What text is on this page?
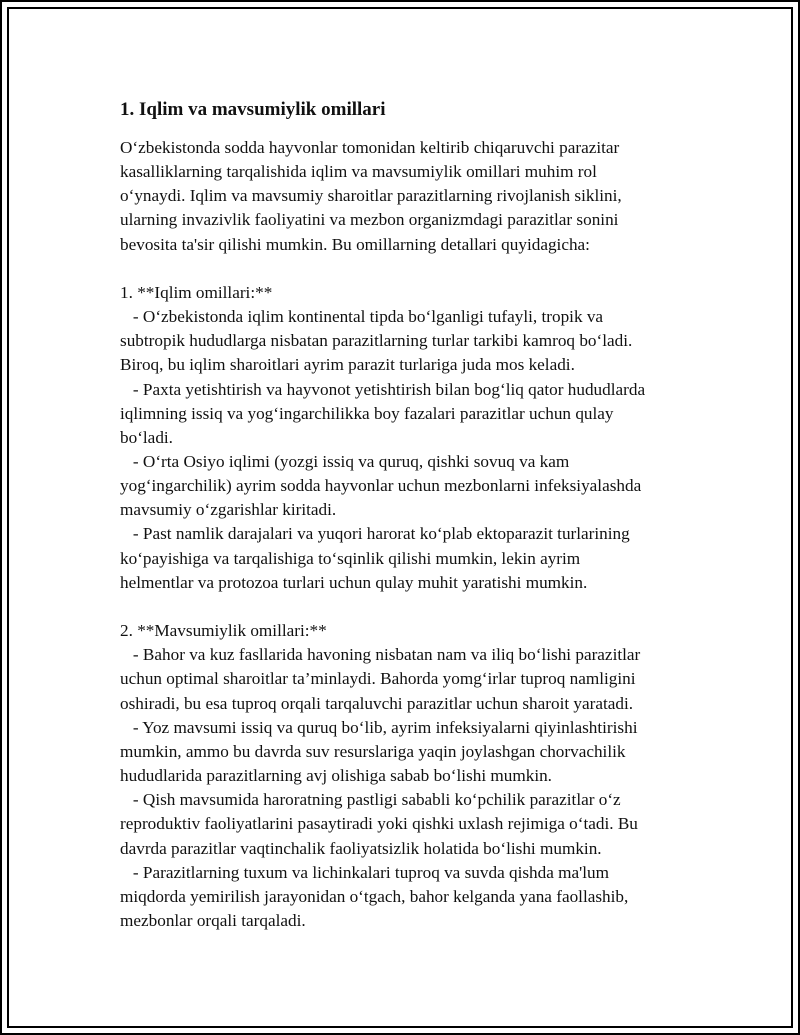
1. Iqlim va mavsumiylik omillari

O‘zbekistonda sodda hayvonlar tomonidan keltirib chiqaruvchi parazitar

kasalliklarning tarqalishida iqlim va mavsumiylik omillari muhim rol

o‘ynaydi. Iqlim va mavsumiy sharoitlar parazitlarning rivojlanish siklini,

ularning invazivlik faoliyatini va mezbon organizmdagi parazitlar sonini

bevosita ta'sir qilishi mumkin. Bu omillarning detallari quyidagicha:

1. **Iqlim omillari:**

- O‘zbekistonda iqlim kontinental tipda bo‘lganligi tufayli, tropik va

subtropik hududlarga nisbatan parazitlarning turlar tarkibi kamroq bo‘ladi.

Biroq, bu iqlim sharoitlari ayrim parazit turlariga juda mos keladi.

- Paxta yetishtirish va hayvonot yetishtirish bilan bog‘liq qator hududlarda

iqlimning issiq va yog‘ingarchilikka boy fazalari parazitlar uchun qulay

bo‘ladi.

- O‘rta Osiyo iqlimi (yozgi issiq va quruq, qishki sovuq va kam

yog‘ingarchilik) ayrim sodda hayvonlar uchun mezbonlarni infeksiyalashda

mavsumiy o‘zgarishlar kiritadi.

- Past namlik darajalari va yuqori harorat ko‘plab ektoparazit turlarining

ko‘payishiga va tarqalishiga to‘sqinlik qilishi mumkin, lekin ayrim

helmentlar va protozoa turlari uchun qulay muhit yaratishi mumkin.

2. **Mavsumiylik omillari:**

- Bahor va kuz fasllarida havoning nisbatan nam va iliq bo‘lishi parazitlar

uchun optimal sharoitlar ta’minlaydi. Bahorda yomg‘irlar tuproq namligini

oshiradi, bu esa tuproq orqali tarqaluvchi parazitlar uchun sharoit yaratadi.

- Yoz mavsumi issiq va quruq bo‘lib, ayrim infeksiyalarni qiyinlashtirishi

mumkin, ammo bu davrda suv resurslariga yaqin joylashgan chorvachilik

hududlarida parazitlarning avj olishiga sabab bo‘lishi mumkin.

- Qish mavsumida haroratning pastligi sababli ko‘pchilik parazitlar o‘z

reproduktiv faoliyatlarini pasaytiradi yoki qishki uxlash rejimiga o‘tadi. Bu

davrda parazitlar vaqtinchalik faoliyatsizlik holatida bo‘lishi mumkin.

- Parazitlarning tuxum va lichinkalari tuproq va suvda qishda ma'lum

miqdorda yemirilish jarayonidan o‘tgach, bahor kelganda yana faollashib,

mezbonlar orqali tarqaladi.
